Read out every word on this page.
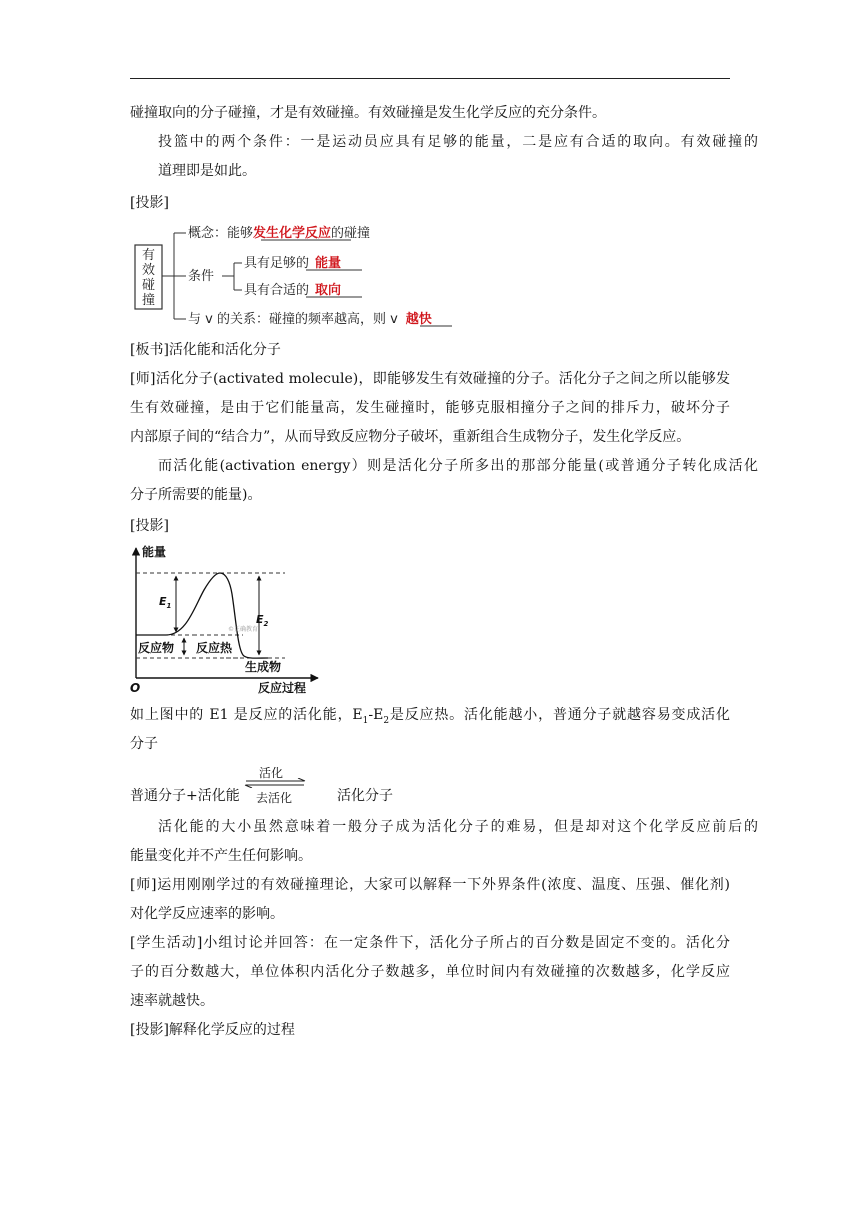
碰撞取向的分子碰撞，才是有效碰撞。有效碰撞是发生化学反应的充分条件。
投篮中的两个条件：一是运动员应具有足够的能量，二是应有合适的取向。有效碰撞的
道理即是如此。
[投影]
有
效
碰
撞
概念：能够发生化学反应的碰撞
条件
具有足够的 能量
具有合适的 取向
与 v 的关系：碰撞的频率越高，则 v 越快
[板书]活化能和活化分子
[师]活化分子(activated molecule)，即能够发生有效碰撞的分子。活化分子之间之所以能够发
生有效碰撞，是由于它们能量高，发生碰撞时，能够克服相撞分子之间的排斥力，破坏分子
内部原子间的“结合力”，从而导致反应物分子破坏，重新组合生成物分子，发生化学反应。
而活化能(activation energy）则是活化分子所多出的那部分能量(或普通分子转化成活化
分子所需要的能量)。
[投影]
能量
反应过程
O
$E_1$
$E_2$
反应物 反应热
生成物
©正确教育
如上图中的 E1 是反应的活化能，$E_1-E_2$是反应热。活化能越小，普通分子就越容易变成活化
分子
普通分子+活化能
活化
去活化	活化分子
活化能的大小虽然意味着一般分子成为活化分子的难易，但是却对这个化学反应前后的
能量变化并不产生任何影响。
[师]运用刚刚学过的有效碰撞理论，大家可以解释一下外界条件(浓度、温度、压强、催化剂)
对化学反应速率的影响。
[学生活动]小组讨论并回答：在一定条件下，活化分子所占的百分数是固定不变的。活化分
子的百分数越大，单位体积内活化分子数越多，单位时间内有效碰撞的次数越多，化学反应
速率就越快。
[投影]解释化学反应的过程
